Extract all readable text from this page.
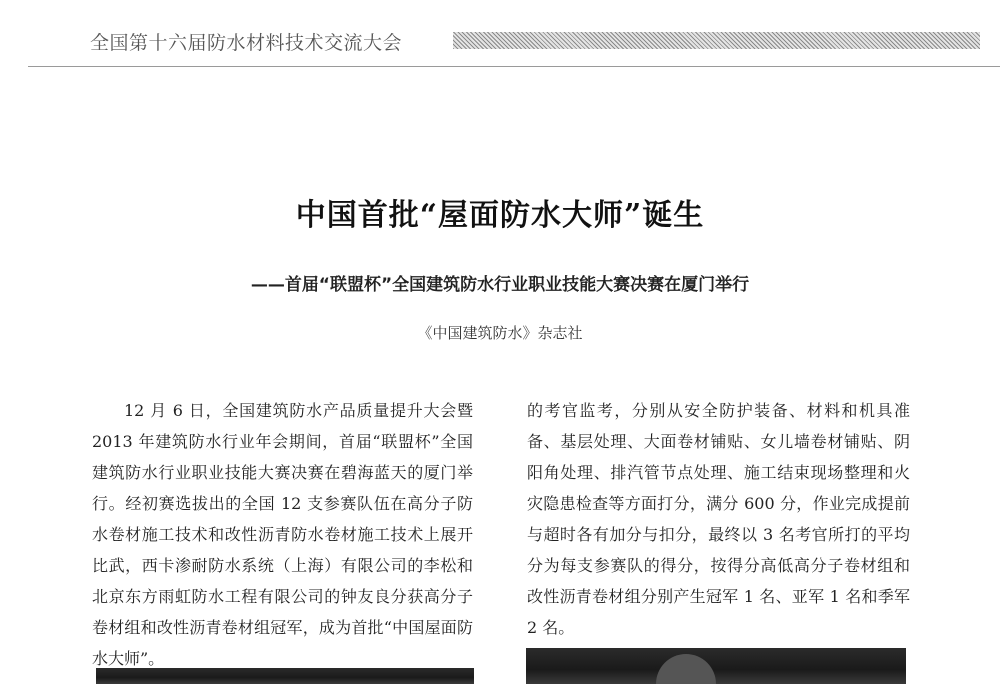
全国第十六届防水材料技术交流大会
中国首批“屋面防水大师”诞生
——首届“联盟杯”全国建筑防水行业职业技能大赛决赛在厦门举行
《中国建筑防水》杂志社

12 月 6 日，全国建筑防水产品质量提升大会暨 2013 年建筑防水行业年会期间，首届“联盟杯”全国建筑防水行业职业技能大赛决赛在碧海蓝天的厦门举行。经初赛选拔出的全国 12 支参赛队伍在高分子防水卷材施工技术和改性沥青防水卷材施工技术上展开比武，西卡渗耐防水系统（上海）有限公司的李松和北京东方雨虹防水工程有限公司的钟友良分获高分子卷材组和改性沥青卷材组冠军，成为首批“中国屋面防水大师”。

的考官监考，分别从安全防护装备、材料和机具准备、基层处理、大面卷材铺贴、女儿墙卷材铺贴、阴阳角处理、排汽管节点处理、施工结束现场整理和火灾隐患检查等方面打分，满分 600 分，作业完成提前与超时各有加分与扣分，最终以 3 名考官所打的平均分为每支参赛队的得分，按得分高低高分子卷材组和改性沥青卷材组分别产生冠军 1 名、亚军 1 名和季军 2 名。
